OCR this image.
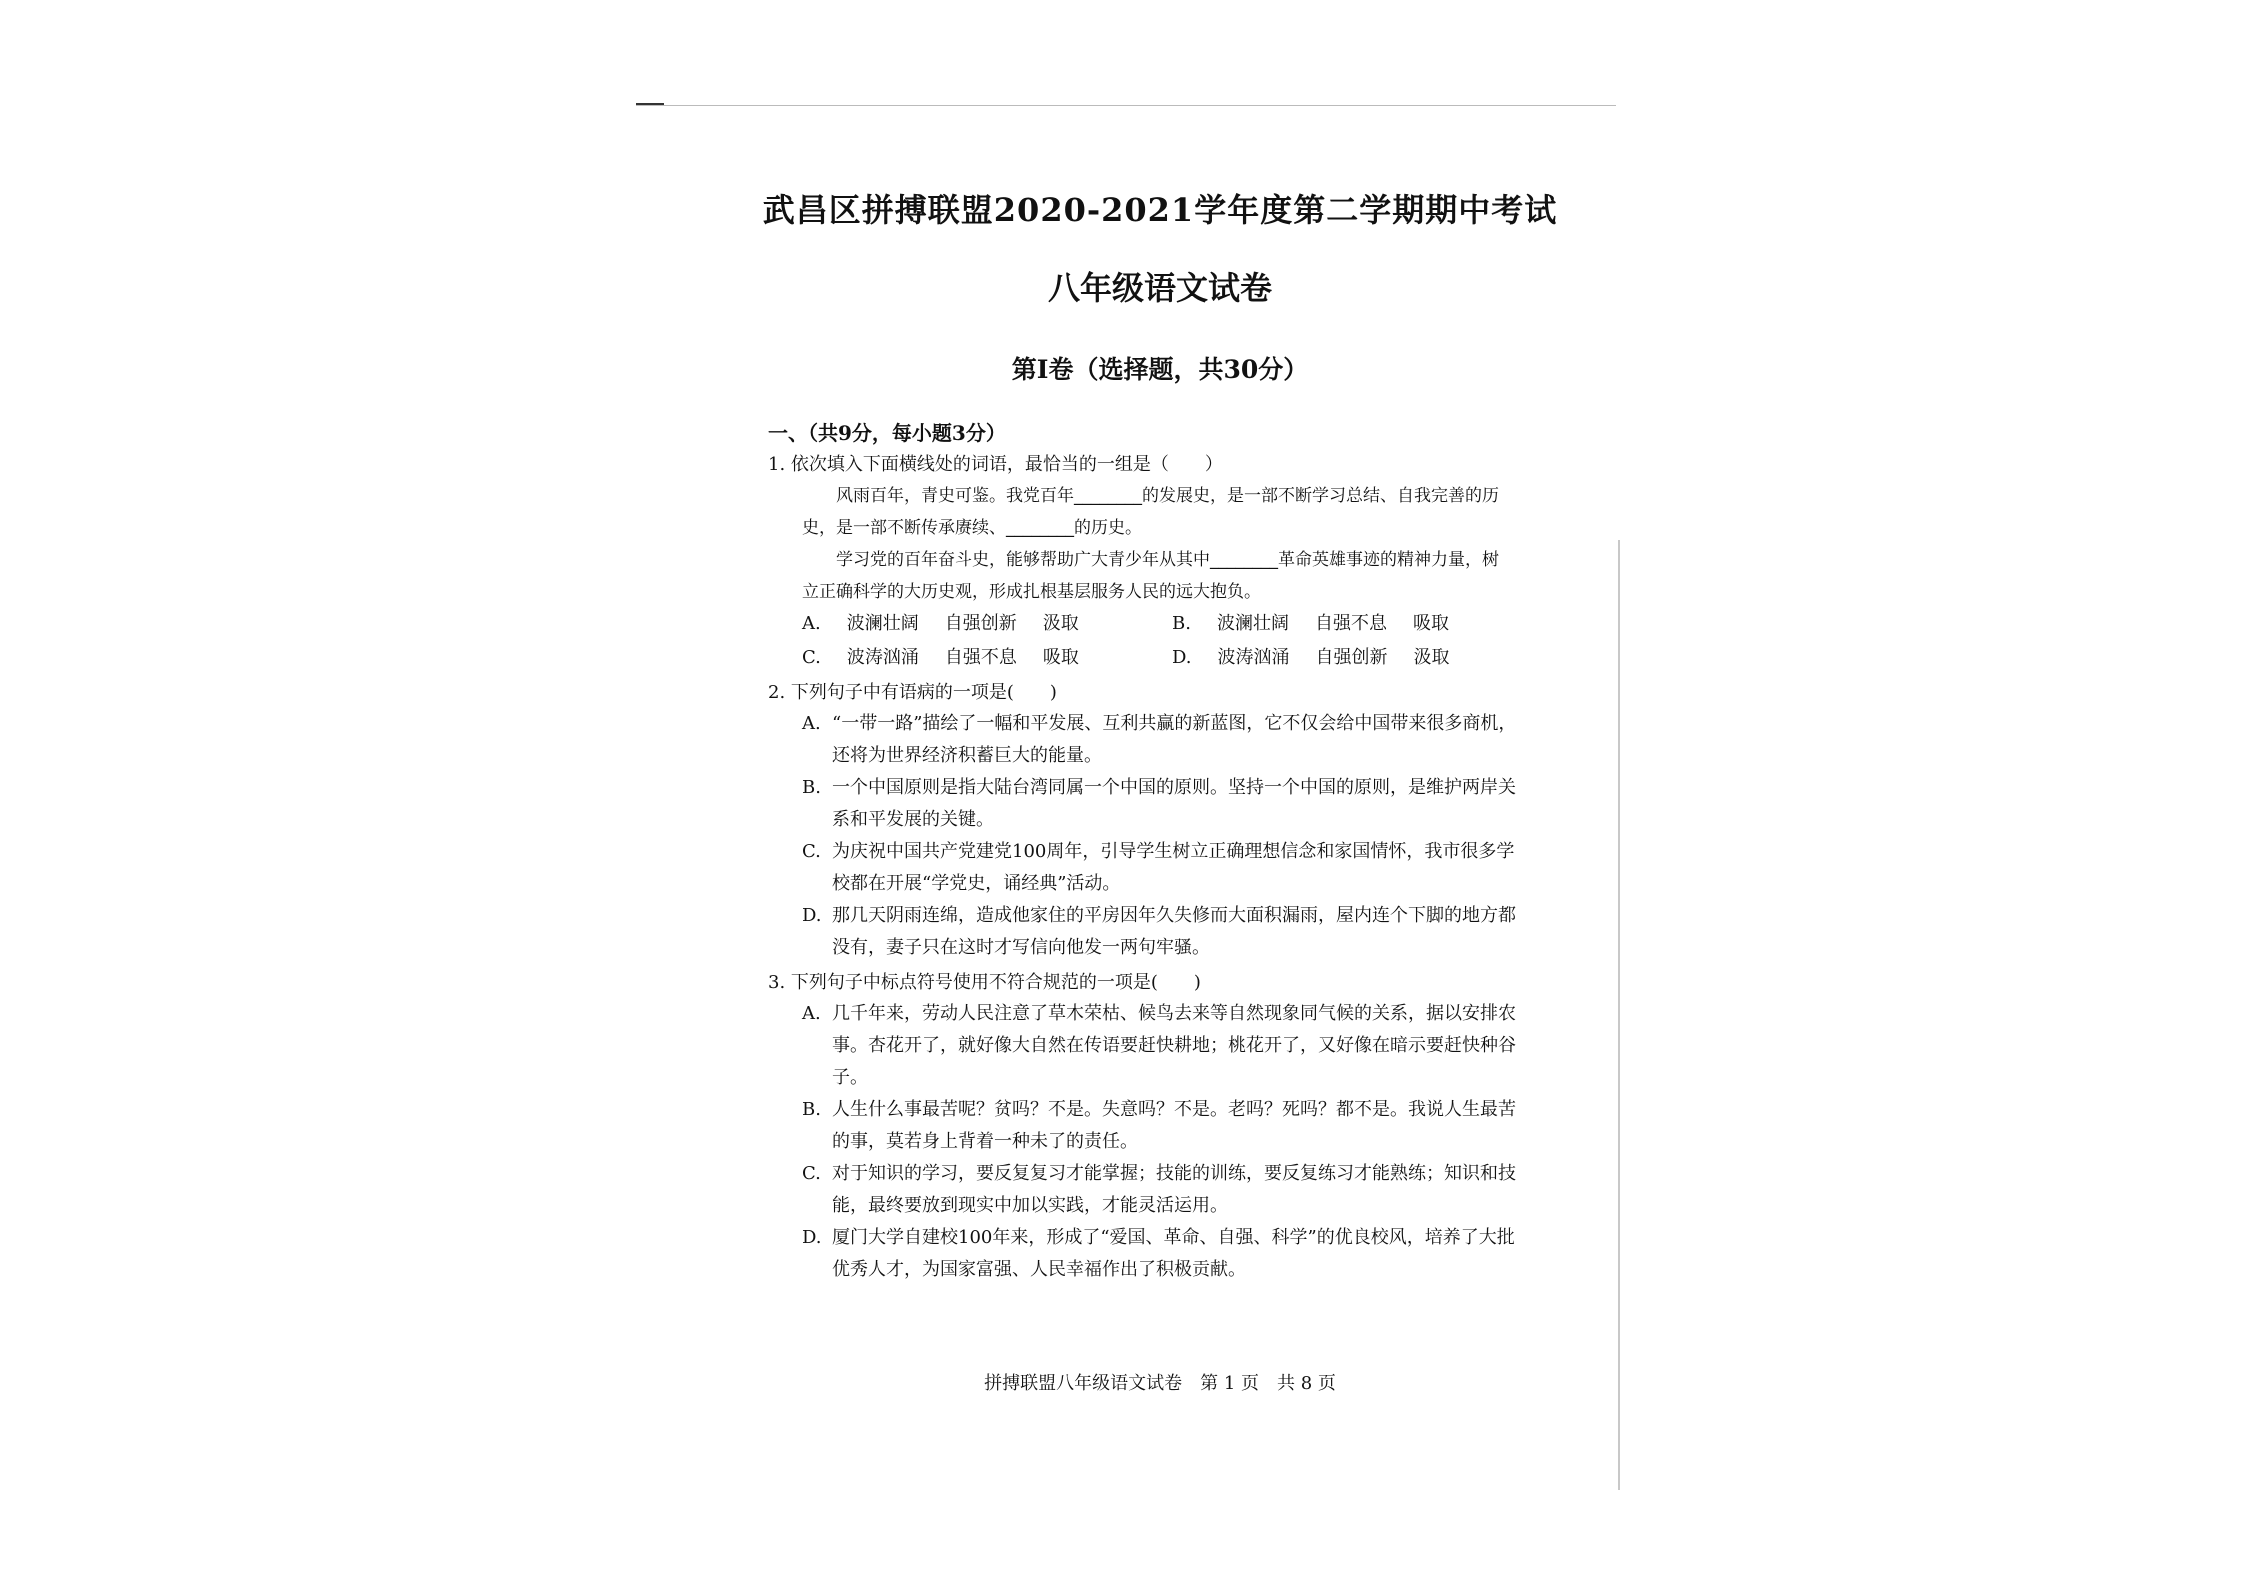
武昌区拼搏联盟2020-2021学年度第二学期期中考试
八年级语文试卷
第Ⅰ卷（选择题，共30分）
一、（共9分，每小题3分）
1. 依次填入下面横线处的词语，最恰当的一组是（　　）

风雨百年，青史可鉴。我党百年________的发展史，是一部不断学习总结、自我完善的历史，是一部不断传承赓续、________的历史。

学习党的百年奋斗史，能够帮助广大青少年从其中________革命英雄事迹的精神力量，树立正确科学的大历史观，形成扎根基层服务人民的远大抱负。

A. 波澜壮阔 自强创新 汲取	B. 波澜壮阔 自强不息 吸取
C. 波涛汹涌 自强不息 吸取	D. 波涛汹涌 自强创新 汲取
2. 下列句子中有语病的一项是(　　)
A. “一带一路”描绘了一幅和平发展、互利共赢的新蓝图，它不仅会给中国带来很多商机，还将为世界经济积蓄巨大的能量。
B. 一个中国原则是指大陆台湾同属一个中国的原则。坚持一个中国的原则，是维护两岸关系和平发展的关键。
C. 为庆祝中国共产党建党100周年，引导学生树立正确理想信念和家国情怀，我市很多学校都在开展“学党史，诵经典”活动。
D. 那几天阴雨连绵，造成他家住的平房因年久失修而大面积漏雨，屋内连个下脚的地方都没有，妻子只在这时才写信向他发一两句牢骚。
3. 下列句子中标点符号使用不符合规范的一项是(　　)
A. 几千年来，劳动人民注意了草木荣枯、候鸟去来等自然现象同气候的关系，据以安排农事。杏花开了，就好像大自然在传语要赶快耕地；桃花开了，又好像在暗示要赶快种谷子。
B. 人生什么事最苦呢？贫吗？不是。失意吗？不是。老吗？死吗？都不是。我说人生最苦的事，莫若身上背着一种未了的责任。
C. 对于知识的学习，要反复复习才能掌握；技能的训练，要反复练习才能熟练；知识和技能，最终要放到现实中加以实践，才能灵活运用。
D. 厦门大学自建校100年来，形成了“爱国、革命、自强、科学”的优良校风，培养了大批优秀人才，为国家富强、人民幸福作出了积极贡献。
拼搏联盟八年级语文试卷　第 1 页　共 8 页
